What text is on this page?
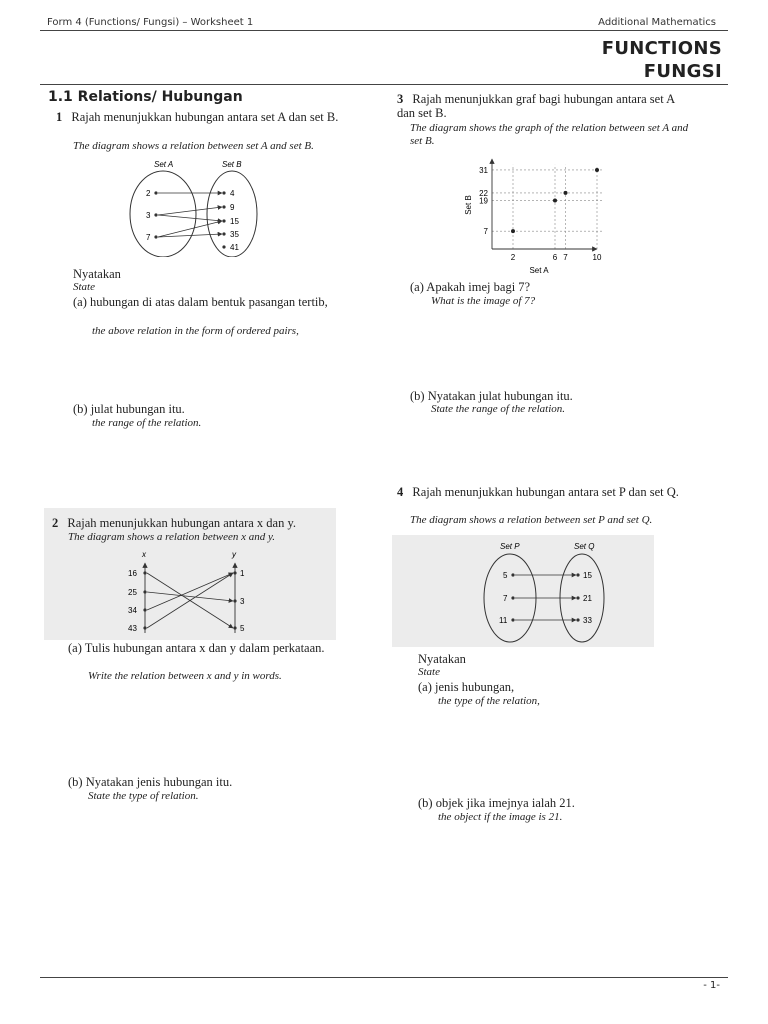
Form 4 (Functions/ Fungsi) – Worksheet 1	Additional Mathematics
FUNCTIONS
FUNGSI
1.1 Relations/ Hubungan
1 Rajah menunjukkan hubungan antara set A dan set B.
The diagram shows a relation between set A and set B.
Set A	Set B
2
3
7
4
9
15
35
41
Nyatakan
State
(a) hubungan di atas dalam bentuk pasangan tertib,
the above relation in the form of ordered pairs,
(b) julat hubungan itu.
the range of the relation.
2 Rajah menunjukkan hubungan antara x dan y.
The diagram shows a relation between x and y.
x	y
16
25
34
43
1
3
5
(a) Tulis hubungan antara x dan y dalam perkataan.
Write the relation between x and y in words.
(b) Nyatakan jenis hubungan itu.
State the type of relation.
3 Rajah menunjukkan graf bagi hubungan antara set A dan set B.
The diagram shows the graph of the relation between set A and set B.
2	6 7	10
7
19
22
31
Set A
Set B
(a) Apakah imej bagi 7?
What is the image of 7?
(b) Nyatakan julat hubungan itu.
State the range of the relation.
4 Rajah menunjukkan hubungan antara set P dan set Q.
The diagram shows a relation between set P and set Q.
Set P	Set Q
5
7
11
15
21
33
Nyatakan
State
(a) jenis hubungan,
the type of the relation,
(b) objek jika imejnya ialah 21.
the object if the image is 21.
- 1-
